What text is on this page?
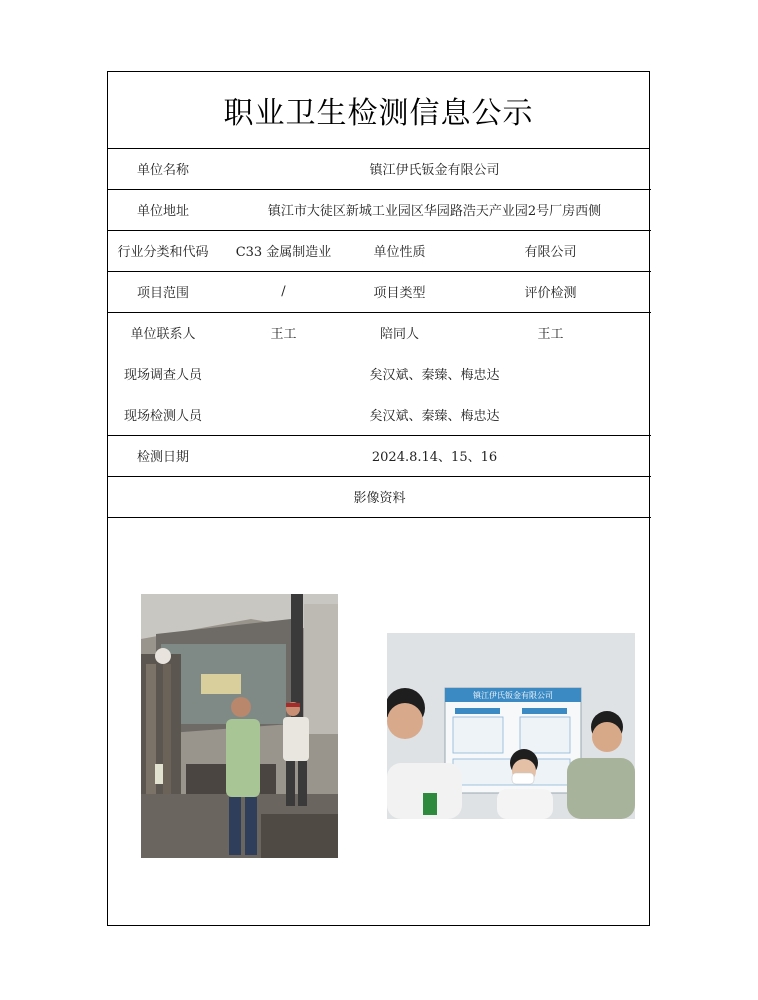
职业卫生检测信息公示
单位名称	镇江伊氏钣金有限公司		
单位地址	镇江市大徒区新城工业园区华园路浩天产业园2号厂房西侧		
行业分类和代码	C33 金属制造业	单位性质	有限公司
项目范围	/	项目类型	评价检测
单位联系人	王工	陪同人	王工
现场调查人员	矣汉斌、秦臻、梅忠达		
现场检测人员	矣汉斌、秦臻、梅忠达		
检测日期	2024.8.14、15、16		
影像资料			
镇江伊氏钣金有限公司
